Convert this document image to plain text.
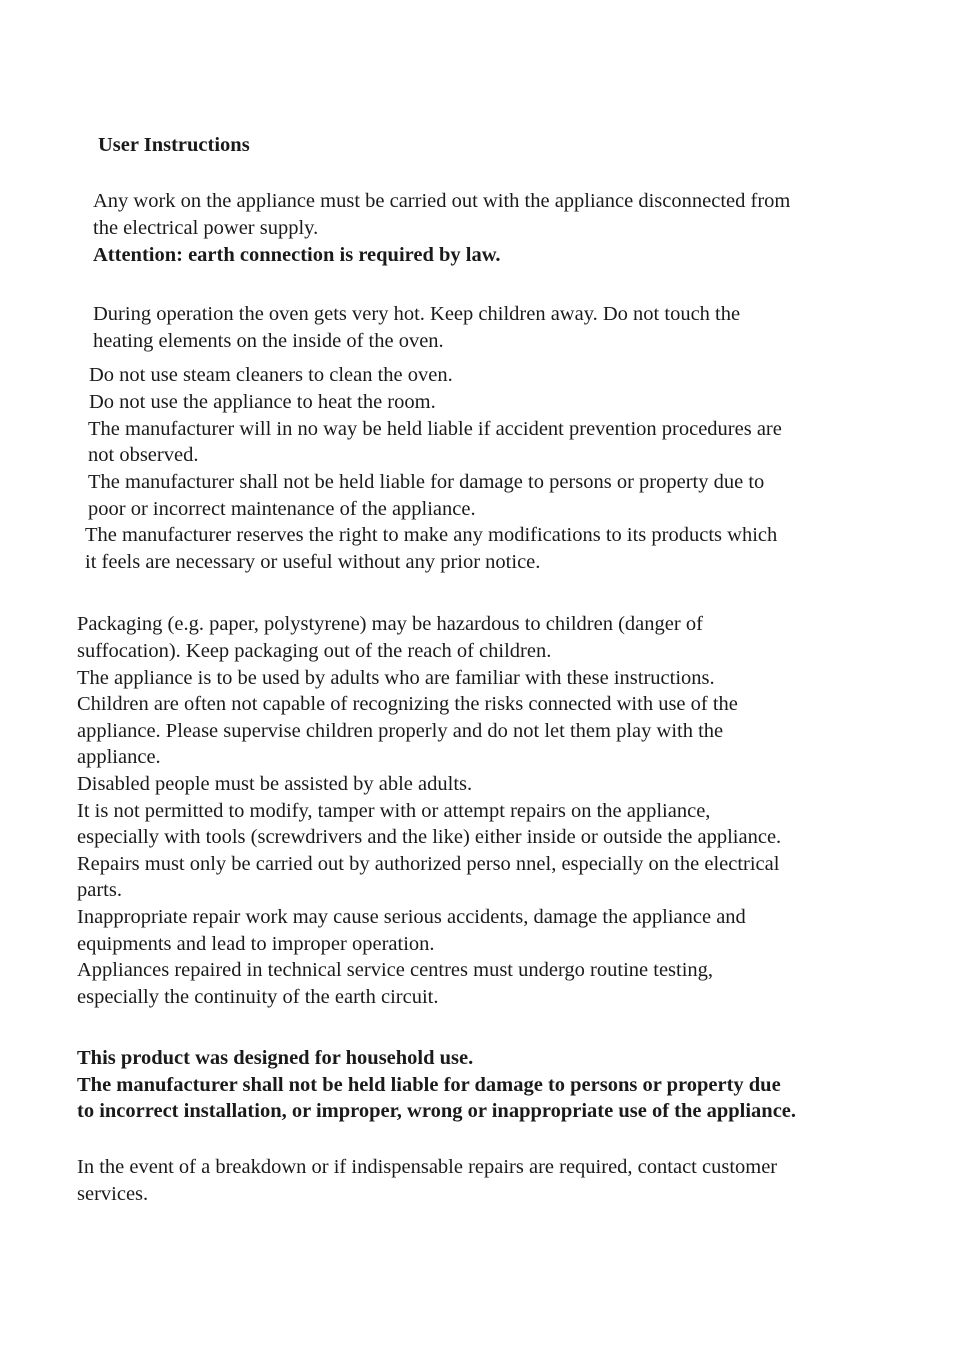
User Instructions

Any work on the appliance must be carried out with the appliance disconnected from

the electrical power supply.

Attention: earth connection is required by law.

During operation the oven gets very hot. Keep children away. Do not touch the

heating elements on the inside of the oven.

Do not use steam cleaners to clean the oven.

Do not use the appliance to heat the room.

The manufacturer will in no way be held liable if accident prevention procedures are

not observed.

The manufacturer shall not be held liable for damage to persons or property due to

poor or incorrect maintenance of the appliance.

The manufacturer reserves the right to make any modifications to its products which

it feels are necessary or useful without any prior notice.

Packaging (e.g. paper, polystyrene) may be hazardous to children (danger of

suffocation). Keep packaging out of the reach of children.

The appliance is to be used by adults who are familiar with these instructions.

Children are often not capable of recognizing the risks connected with use of the

appliance. Please supervise children properly and do not let them play with the

appliance.

Disabled people must be assisted by able adults.

It is not permitted to modify, tamper with or attempt repairs on the appliance,

especially with tools (screwdrivers and the like) either inside or outside the appliance.

Repairs must only be carried out by authorized perso nnel, especially on the electrical

parts.

Inappropriate repair work may cause serious accidents, damage the appliance and

equipments and lead to improper operation.

Appliances repaired in technical service centres must undergo routine testing,

especially the continuity of the earth circuit.

This product was designed for household use.

The manufacturer shall not be held liable for damage to persons or property due

to incorrect installation, or improper, wrong or inappropriate use of the appliance.

In the event of a breakdown or if indispensable repairs are required, contact customer

services.
